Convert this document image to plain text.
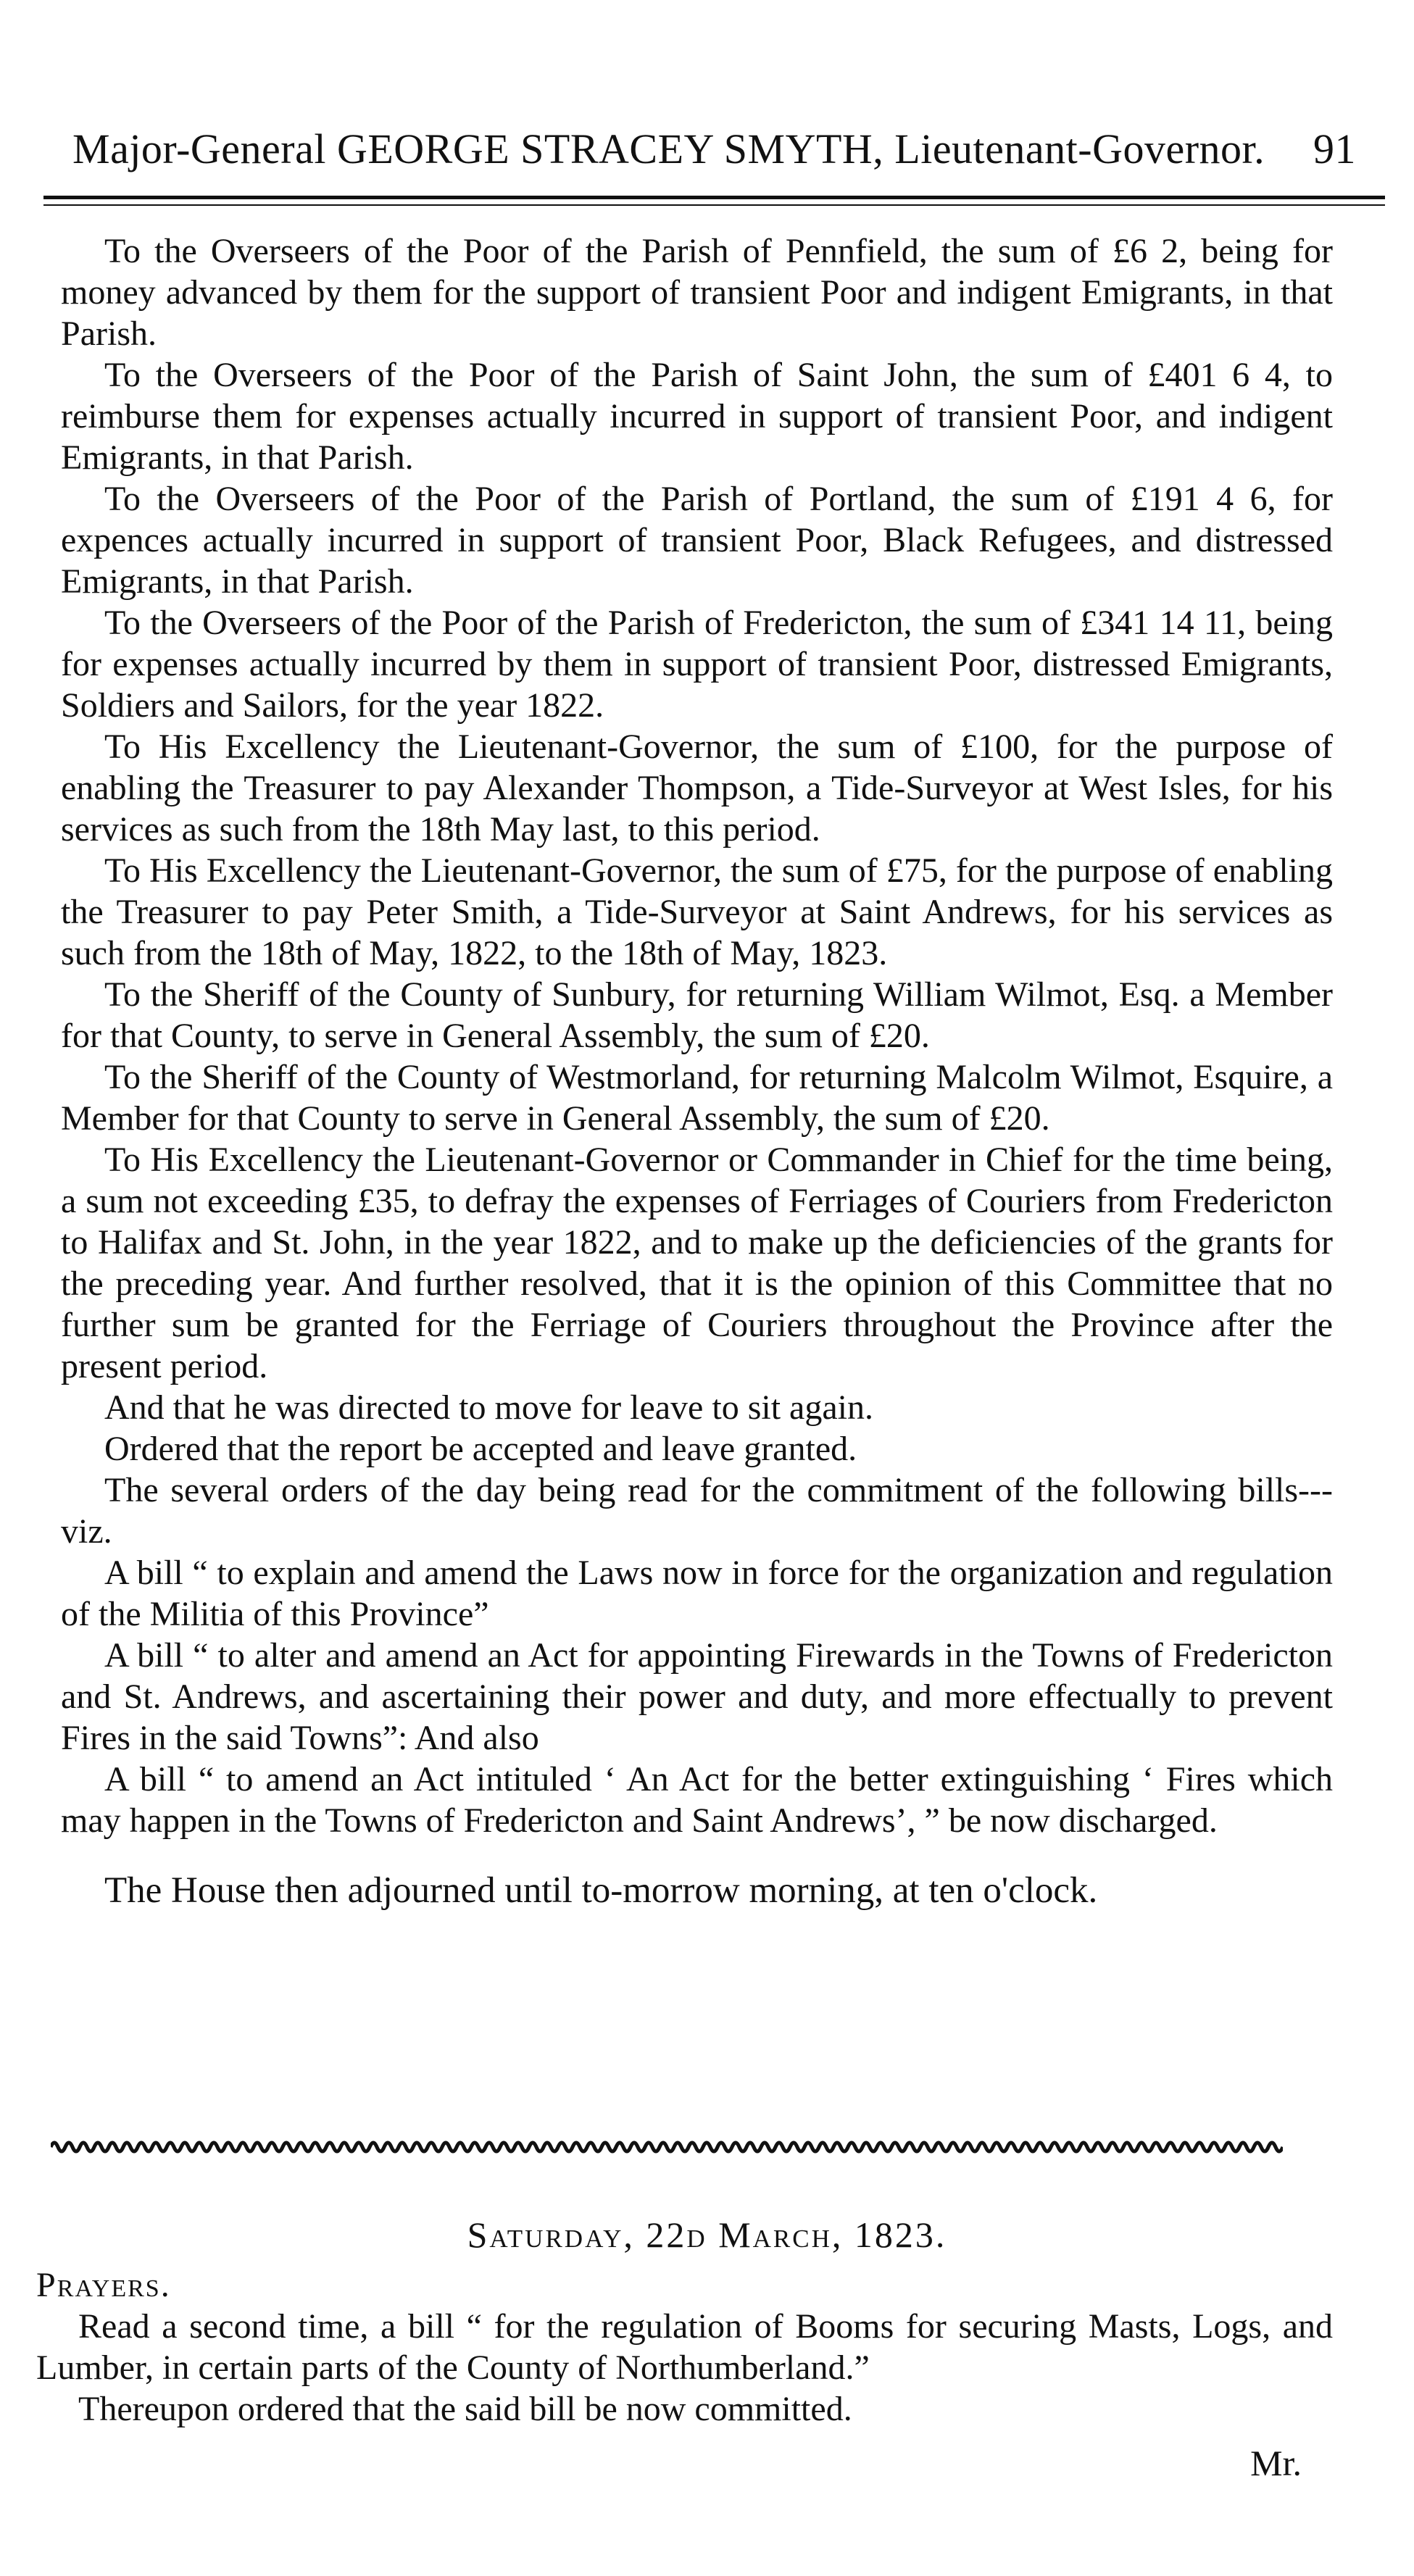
Major-General GEORGE STRACEY SMYTH, Lieutenant-Governor. 91

To the Overseers of the Poor of the Parish of Pennfield, the sum of £6 2, being for money advanced by them for the support of transient Poor and indigent Emigrants, in that Parish.

To the Overseers of the Poor of the Parish of Saint John, the sum of £401 6 4, to reimburse them for expenses actually incurred in support of transient Poor, and indigent Emigrants, in that Parish.

To the Overseers of the Poor of the Parish of Portland, the sum of £191 4 6, for expences actually incurred in support of transient Poor, Black Refugees, and distressed Emigrants, in that Parish.

To the Overseers of the Poor of the Parish of Fredericton, the sum of £341 14 11, being for expenses actually incurred by them in support of transient Poor, distressed Emigrants, Soldiers and Sailors, for the year 1822.

To His Excellency the Lieutenant-Governor, the sum of £100, for the purpose of enabling the Treasurer to pay Alexander Thompson, a Tide-Surveyor at West Isles, for his services as such from the 18th May last, to this period.

To His Excellency the Lieutenant-Governor, the sum of £75, for the purpose of enabling the Treasurer to pay Peter Smith, a Tide-Surveyor at Saint Andrews, for his services as such from the 18th of May, 1822, to the 18th of May, 1823.

To the Sheriff of the County of Sunbury, for returning William Wilmot, Esq. a Member for that County, to serve in General Assembly, the sum of £20.

To the Sheriff of the County of Westmorland, for returning Malcolm Wilmot, Esquire, a Member for that County to serve in General Assembly, the sum of £20.

To His Excellency the Lieutenant-Governor or Commander in Chief for the time being, a sum not exceeding £35, to defray the expenses of Ferriages of Couriers from Fredericton to Halifax and St. John, in the year 1822, and to make up the deficiencies of the grants for the preceding year. And further resolved, that it is the opinion of this Committee that no further sum be granted for the Ferriage of Couriers throughout the Province after the present period.

And that he was directed to move for leave to sit again.

Ordered that the report be accepted and leave granted.

The several orders of the day being read for the commitment of the following bills---viz.

A bill “ to explain and amend the Laws now in force for the organization and regulation of the Militia of this Province”

A bill “ to alter and amend an Act for appointing Firewards in the Towns of Fredericton and St. Andrews, and ascertaining their power and duty, and more effectually to prevent Fires in the said Towns”: And also

A bill “ to amend an Act intituled ‘ An Act for the better extinguishing ‘ Fires which may happen in the Towns of Fredericton and Saint Andrews’, ” be now discharged.

The House then adjourned until to-morrow morning, at ten o'clock.

Saturday, 22d March, 1823.

Prayers.

Read a second time, a bill “ for the regulation of Booms for securing Masts, Logs, and Lumber, in certain parts of the County of Northumberland.”

Thereupon ordered that the said bill be now committed.

Mr.
